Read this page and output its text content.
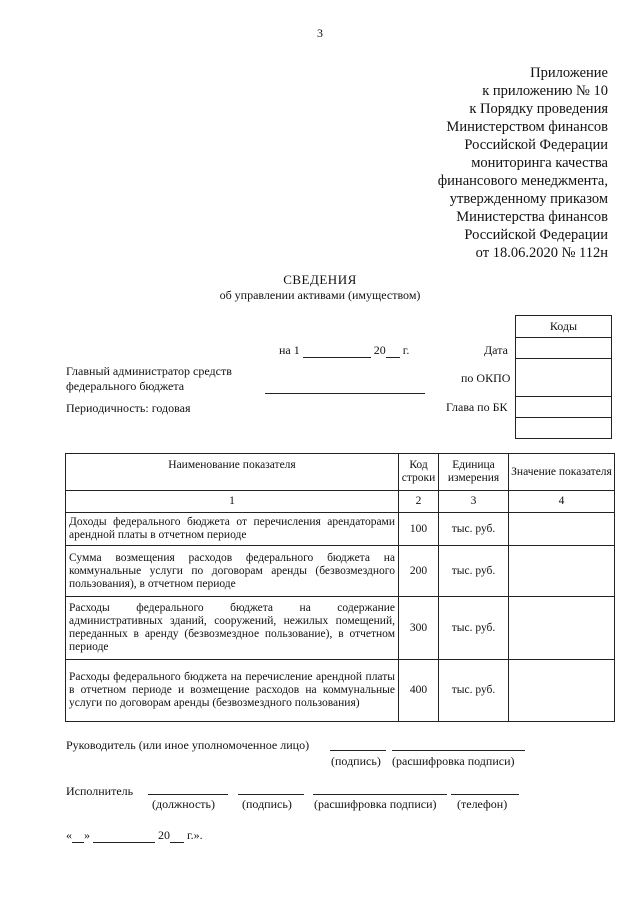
3
Приложение
к приложению № 10
к Порядку проведения
Министерством финансов
Российской Федерации
мониторинга качества
финансового менеджмента,
утвержденному приказом
Министерства финансов
Российской Федерации
от 18.06.2020 № 112н
СВЕДЕНИЯ
об управлении активами (имуществом)
Коды

на 1	20 г.	Дата
по ОКПО
Глава по БК
Главный администратор средств
федерального бюджета
Периодичность: годовая
Наименование показателя	Код строки	Единица измерения	Значение показателя
1	2	3	4
Доходы федерального бюджета от перечисления арендаторами арендной платы в отчетном периоде	100	тыс. руб.	
Сумма возмещения расходов федерального бюджета на коммунальные услуги по договорам аренды (безвозмездного пользования), в отчетном периоде	200	тыс. руб.	
Расходы федерального бюджета на содержание административных зданий, сооружений, нежилых помещений, переданных в аренду (безвозмездное пользование), в отчетном периоде	300	тыс. руб.	
Расходы федерального бюджета на перечисление арендной платы в отчетном периоде и возмещение расходов на коммунальные услуги по договорам аренды (безвозмездного пользования)	400	тыс. руб.	
Руководитель (или иное уполномоченное лицо)
(подпись) (расшифровка подписи)
Исполнитель
(должность) (подпись) (расшифровка подписи) (телефон)
« »	20 г.».
